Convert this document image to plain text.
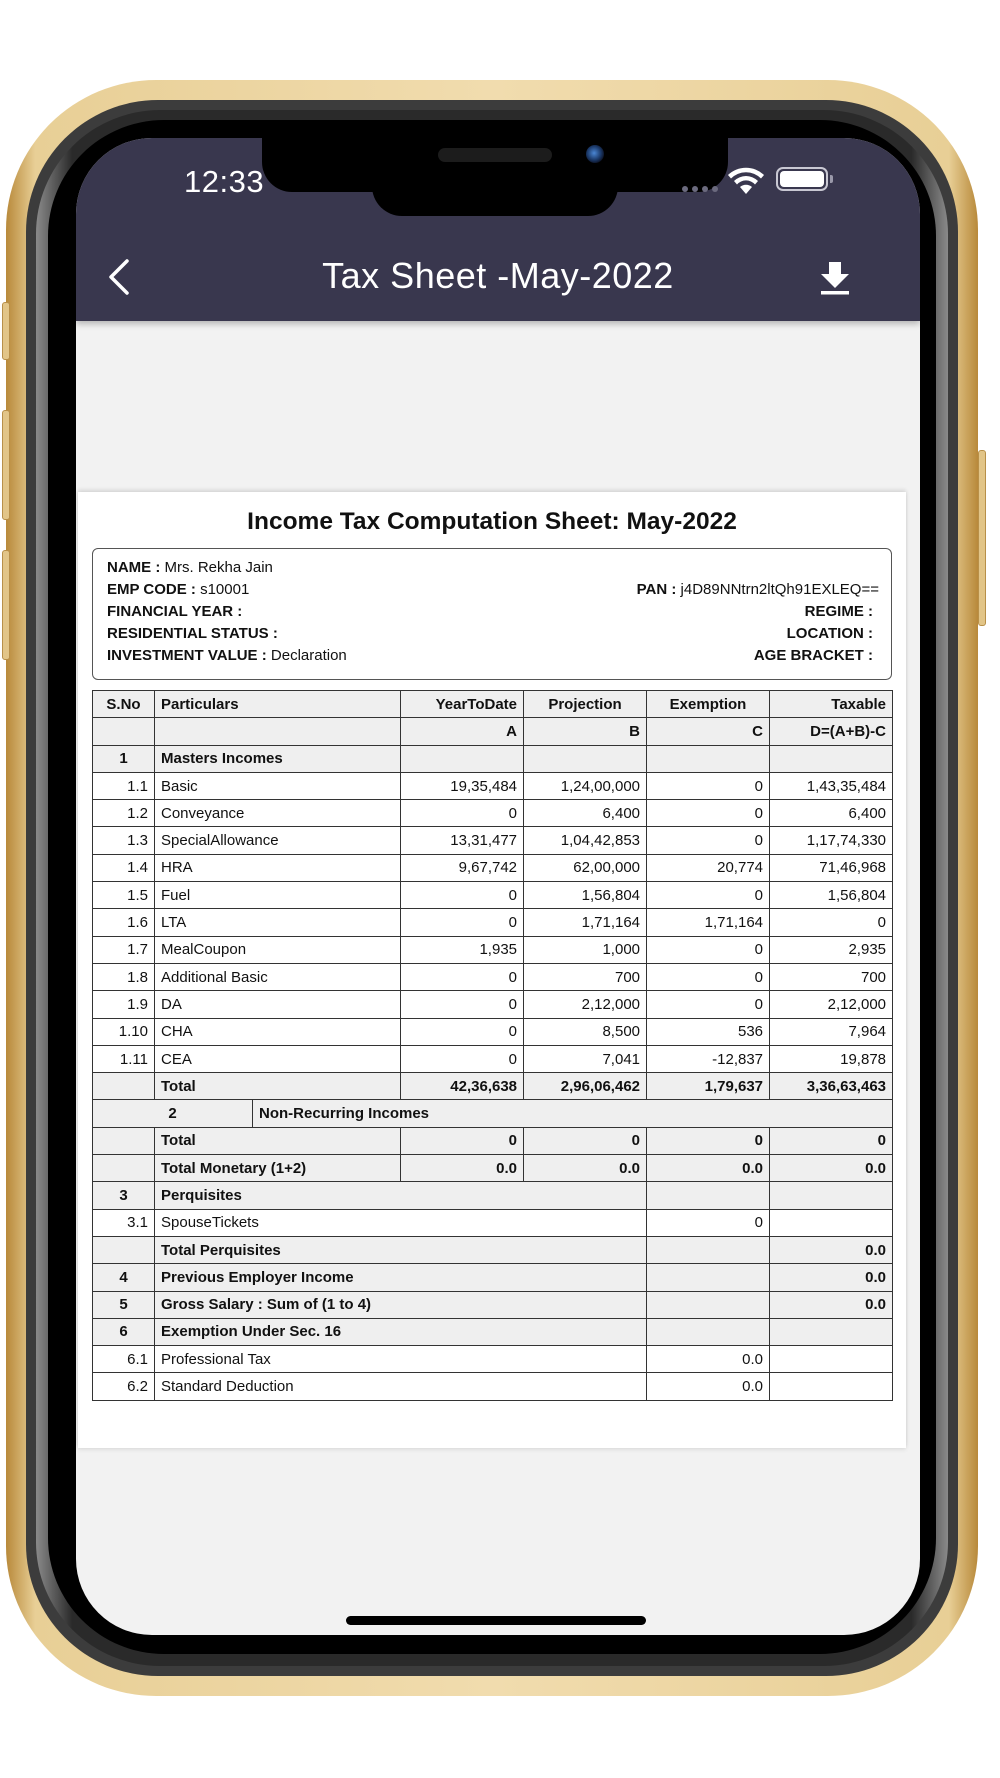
12:33
Tax Sheet -May-2022
Income Tax Computation Sheet: May-2022
NAME : Mrs. Rekha Jain
EMP CODE : s10001
FINANCIAL YEAR :
RESIDENTIAL STATUS :
INVESTMENT VALUE : Declaration
PAN : j4D89NNtrn2ltQh91EXLEQ==
REGIME :
LOCATION :
AGE BRACKET :
S.No	Particulars		YearToDate	Projection	Exemption	Taxable
			A	B	C	D=(A+B)-C
1	Masters Incomes					
1.1	Basic		19,35,484	1,24,00,000	0	1,43,35,484
1.2	Conveyance		0	6,400	0	6,400
1.3	SpecialAllowance		13,31,477	1,04,42,853	0	1,17,74,330
1.4	HRA		9,67,742	62,00,000	20,774	71,46,968
1.5	Fuel		0	1,56,804	0	1,56,804
1.6	LTA		0	1,71,164	1,71,164	0
1.7	MealCoupon		1,935	1,000	0	2,935
1.8	Additional Basic		0	700	0	700
1.9	DA		0	2,12,000	0	2,12,000
1.10	CHA		0	8,500	536	7,964
1.11	CEA		0	7,041	-12,837	19,878
	Total		42,36,638	2,96,06,462	1,79,637	3,36,63,463
2		Non-Recurring Incomes				
	Total		0	0	0	0
	Total Monetary (1+2)		0.0	0.0	0.0	0.0
3	Perquisites					
3.1	SpouseTickets				0	
	Total Perquisites					0.0
4	Previous Employer Income					0.0
5	Gross Salary : Sum of (1 to 4)					0.0
6	Exemption Under Sec. 16					
6.1	Professional Tax				0.0	
6.2	Standard Deduction				0.0	
